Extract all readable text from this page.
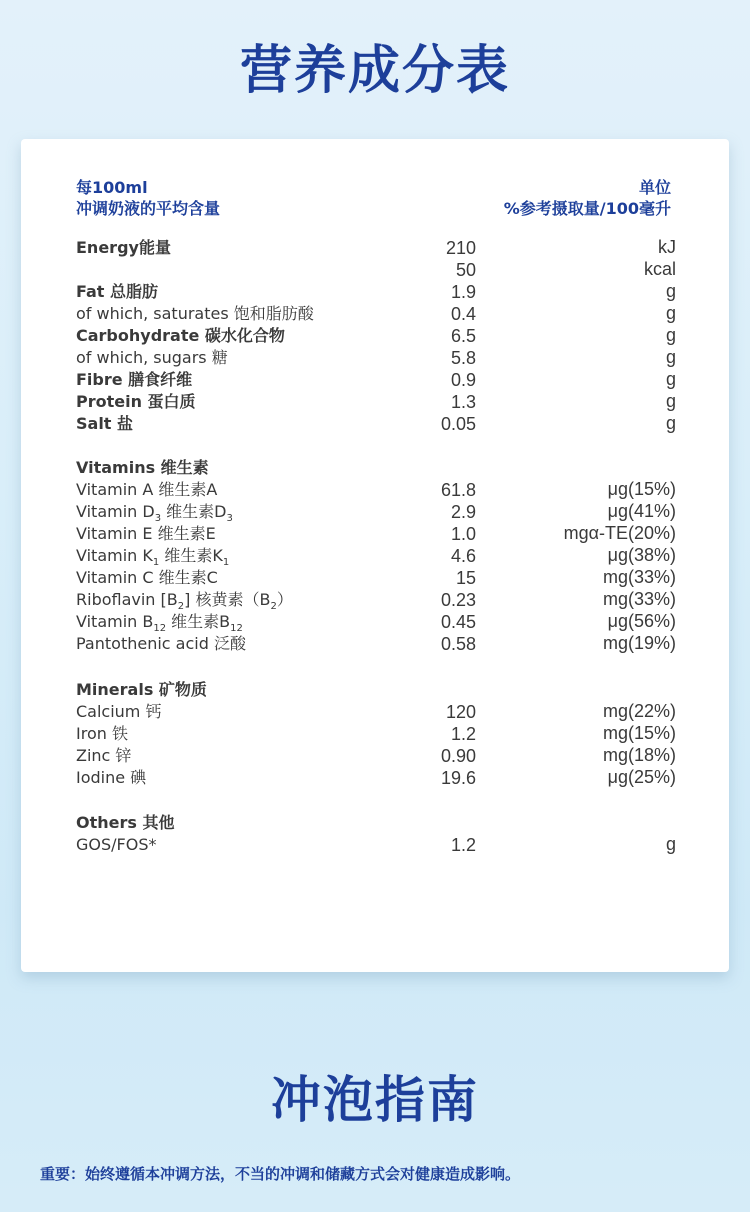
营养成分表
每100ml
冲调奶液的平均含量
单位
%参考摄取量/100毫升
Energy能量	210	kJ
50	kcal
Fat 总脂肪	1.9	g
of which, saturates 饱和脂肪酸	0.4	g
Carbohydrate 碳水化合物	6.5	g
of which, sugars 糖	5.8	g
Fibre 膳食纤维	0.9	g
Protein 蛋白质	1.3	g
Salt 盐	0.05	g
Vitamins 维生素
Vitamin A 维生素A	61.8	μg(15%)
Vitamin $D_3$ 维生素$D_3$	2.9	μg(41%)
Vitamin E 维生素E	1.0	mgα-TE(20%)
Vitamin $K_1$ 维生素$K_1$	4.6	μg(38%)
Vitamin C 维生素C	15	mg(33%)
Riboflavin $[B_2]$ 核黄素$(B_2)$	0.23	mg(33%)
Vitamin $B_{12}$ 维生素$B_{12}$	0.45	μg(56%)
Pantothenic acid 泛酸	0.58	mg(19%)
Minerals 矿物质
Calcium 钙	120	mg(22%)
Iron 铁	1.2	mg(15%)
Zinc 锌	0.90	mg(18%)
Iodine 碘	19.6	μg(25%)
Others 其他
GOS/FOS*	1.2	g
冲泡指南
重要：始终遵循本冲调方法，不当的冲调和储藏方式会对健康造成影响。
